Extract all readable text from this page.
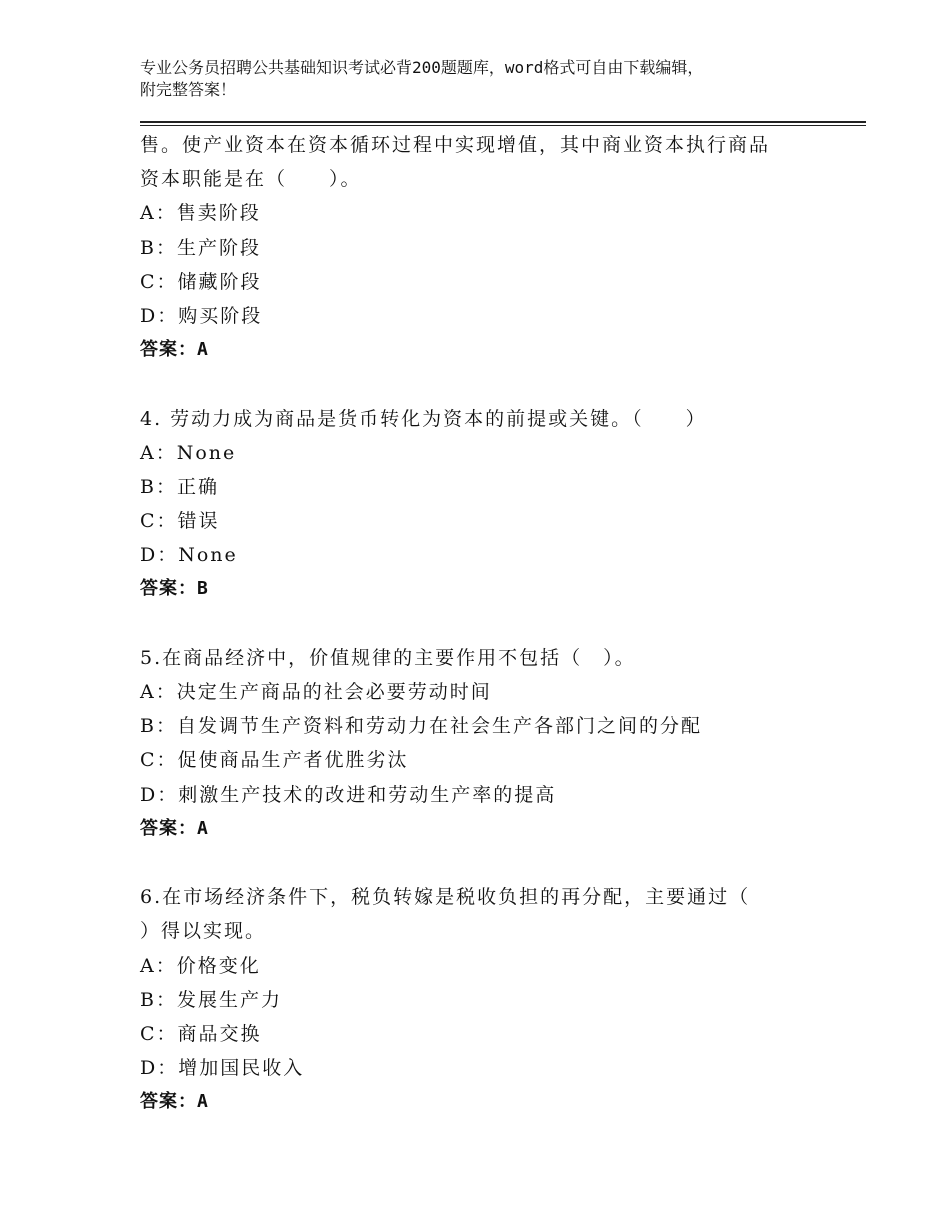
专业公务员招聘公共基础知识考试必背200题题库，word格式可自由下载编辑，
附完整答案！
售。使产业资本在资本循环过程中实现增值，其中商业资本执行商品
资本职能是在（　　）。
A：售卖阶段
B：生产阶段
C：储藏阶段
D：购买阶段
答案：A
4. 劳动力成为商品是货币转化为资本的前提或关键。（　　）
A：None
B：正确
C：错误
D：None
答案：B
5.在商品经济中，价值规律的主要作用不包括（　）。
A：决定生产商品的社会必要劳动时间
B：自发调节生产资料和劳动力在社会生产各部门之间的分配
C：促使商品生产者优胜劣汰
D：刺激生产技术的改进和劳动生产率的提高
答案：A
6.在市场经济条件下，税负转嫁是税收负担的再分配，主要通过（
）得以实现。
A：价格变化
B：发展生产力
C：商品交换
D：增加国民收入
答案：A
